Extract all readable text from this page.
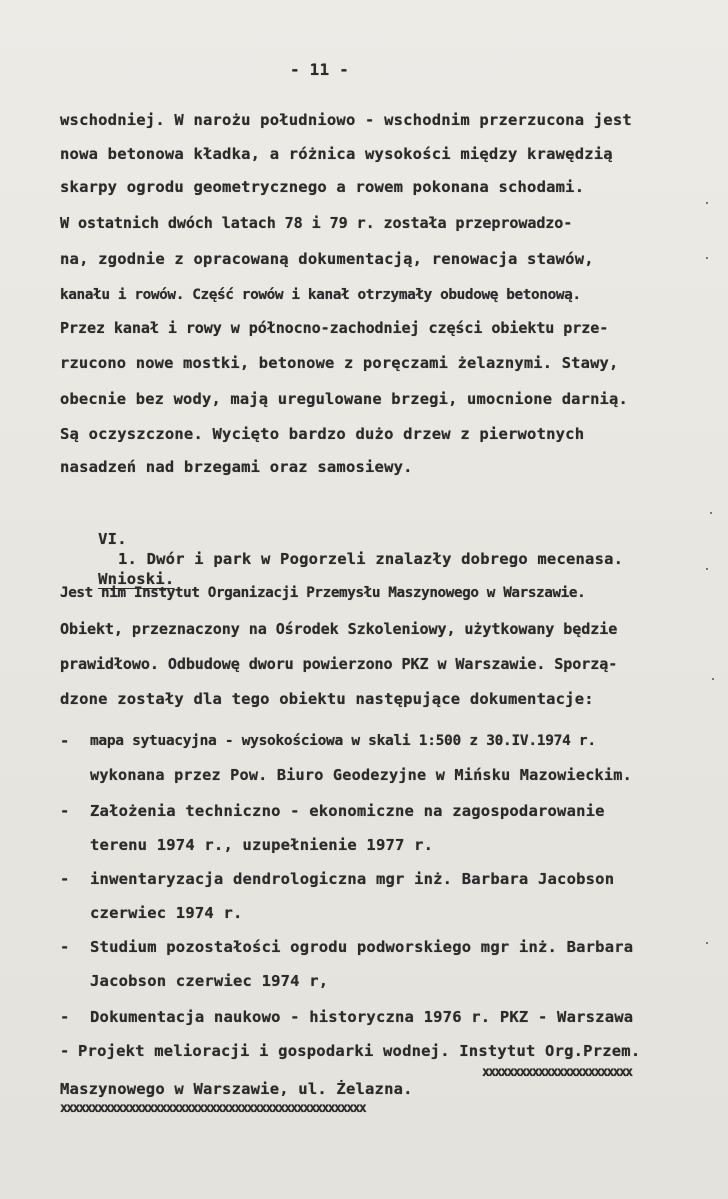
- 11 -
wschodniej. W narożu południowo - wschodnim przerzucona jest
nowa betonowa kładka, a różnica wysokości między krawędzią
skarpy ogrodu geometrycznego a rowem pokonana schodami.
W ostatnich dwóch latach 78 i 79 r. została przeprowadzo-
na, zgodnie z opracowaną dokumentacją, renowacja stawów,
kanału i rowów. Część rowów i kanał otrzymały obudowę betonową.
Przez kanał i rowy w północno-zachodniej części obiektu prze-
rzucono nowe mostki, betonowe z poręczami żelaznymi. Stawy,
obecnie bez wody, mają uregulowane brzegi, umocnione darnią.
Są oczyszczone. Wycięto bardzo dużo drzew z pierwotnych
nasadzeń nad brzegami oraz samosiewy.

VI.

Wnioski.

1. Dwór i park w Pogorzeli znalazły dobrego mecenasa.
Jest nim Instytut Organizacji Przemysłu Maszynowego w Warszawie.
Obiekt, przeznaczony na Ośrodek Szkoleniowy, użytkowany będzie
prawidłowo. Odbudowę dworu powierzono PKZ w Warszawie. Sporzą-
dzone zostały dla tego obiektu następujące dokumentacje:
- mapa sytuacyjna - wysokościowa w skali 1:500 z 30.IV.1974 r.
wykonana przez Pow. Biuro Geodezyjne w Mińsku Mazowieckim.
- Założenia techniczno - ekonomiczne na zagospodarowanie
terenu 1974 r., uzupełnienie 1977 r.
- inwentaryzacja dendrologiczna mgr inż. Barbara Jacobson
czerwiec 1974 r.
- Studium pozostałości ogrodu podworskiego mgr inż. Barbara
Jacobson czerwiec 1974 r,
- Dokumentacja naukowo - historyczna 1976 r. PKZ - Warszawa
- Projekt melioracji i gospodarki wodnej. Instytut Org.Przem.
xxxxxxxxxxxxxxxxxxxxxxxx
Maszynowego w Warszawie, ul. Żelazna.
xxxxxxxxxxxxxxxxxxxxxxxxxxxxxxxxxxxxxxxxxxxxxxxxx
